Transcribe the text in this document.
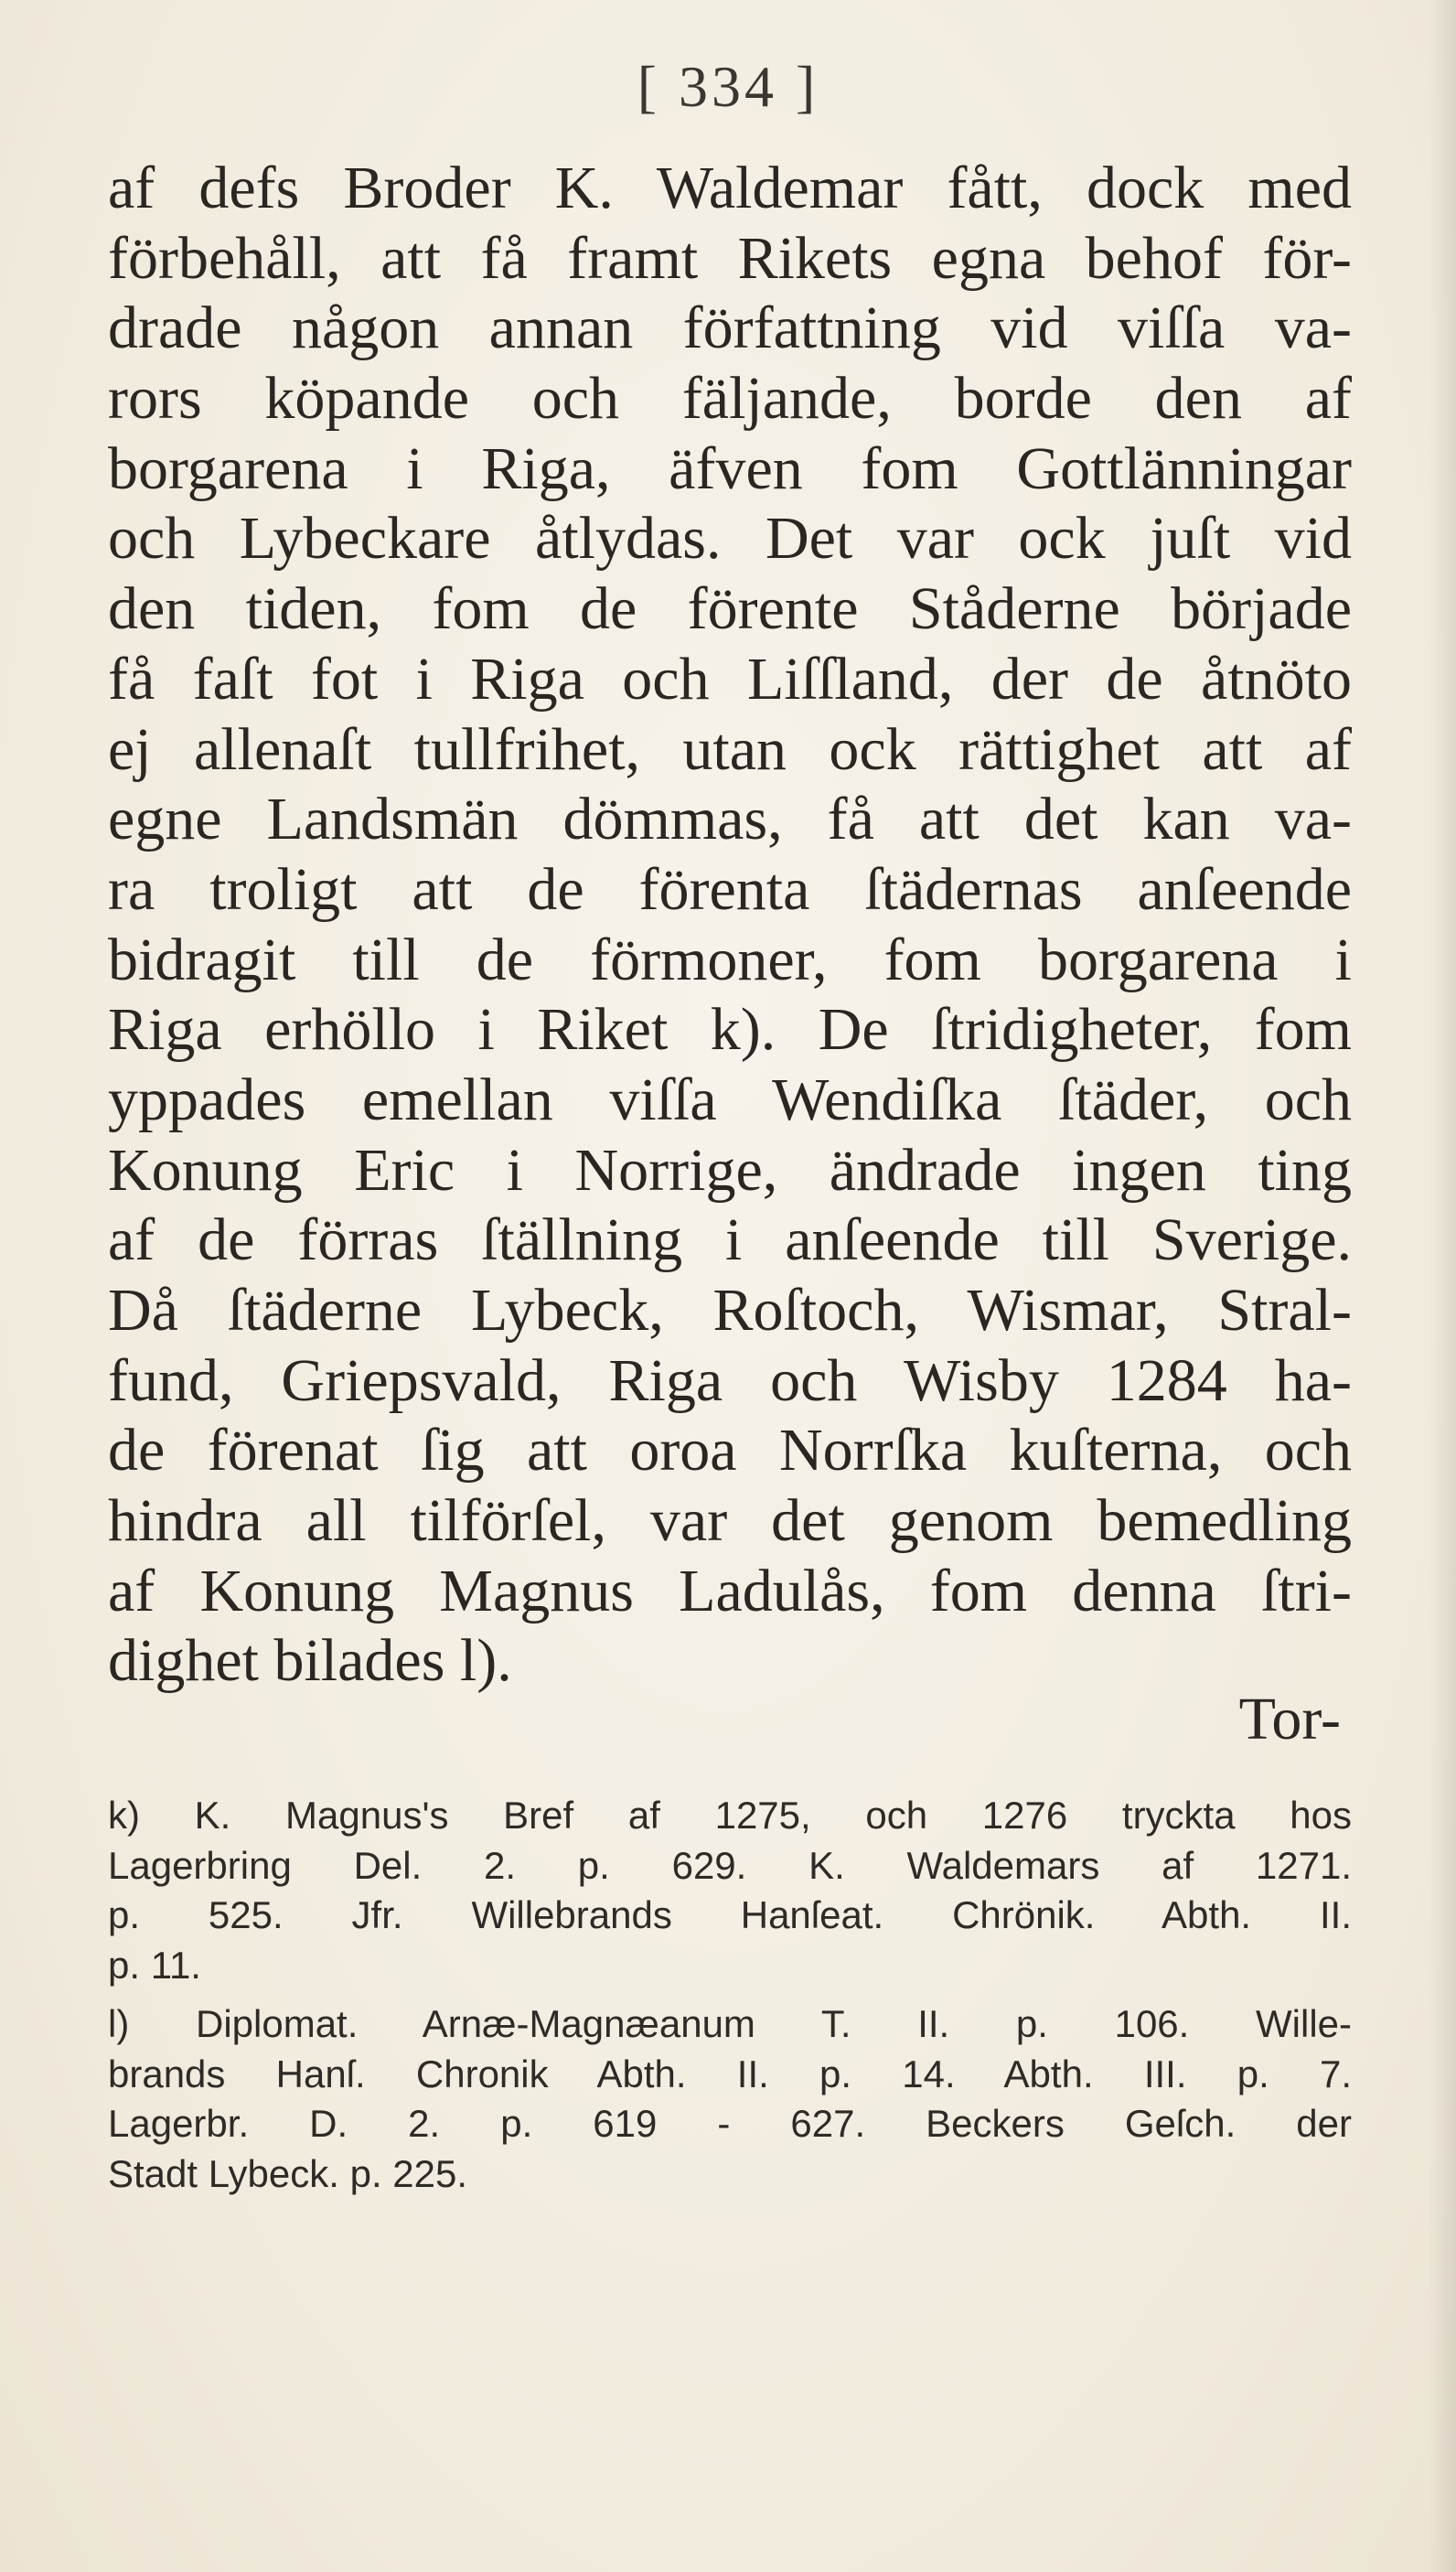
[ 334 ]
af defs Broder K. Waldemar fått, dock med
förbehåll, att få framt Rikets egna behof för-
drade någon annan författning vid viſſa va-
rors köpande och fäljande, borde den af
borgarena i Riga, äfven fom Gottlänningar
och Lybeckare åtlydas. Det var ock juſt vid
den tiden, fom de förente Ståderne började
få faſt fot i Riga och Liſſland, der de åtnöto
ej allenaſt tullfrihet, utan ock rättighet att af
egne Landsmän dömmas, få att det kan va-
ra troligt att de förenta ſtädernas anſeende
bidragit till de förmoner, fom borgarena i
Riga erhöllo i Riket k). De ſtridigheter, fom
yppades emellan viſſa Wendiſka ſtäder, och
Konung Eric i Norrige, ändrade ingen ting
af de förras ſtällning i anſeende till Sverige.
Då ſtäderne Lybeck, Roſtoch, Wismar, Stral-
fund, Griepsvald, Riga och Wisby 1284 ha-
de förenat ſig att oroa Norrſka kuſterna, och
hindra all tilförſel, var det genom bemedling
af Konung Magnus Ladulås, fom denna ſtri-
dighet bilades l).
Tor-
k) K. Magnus's Bref af 1275, och 1276 tryckta hos
Lagerbring Del. 2. p. 629. K. Waldemars af 1271.
p. 525. Jfr. Willebrands Hanſeat. Chrönik. Abth. II.
p. 11.
l) Diplomat. Arnæ-Magnæanum T. II. p. 106. Wille-
brands Hanſ. Chronik Abth. II. p. 14. Abth. III. p. 7.
Lagerbr. D. 2. p. 619 - 627. Beckers Geſch. der
Stadt Lybeck. p. 225.
